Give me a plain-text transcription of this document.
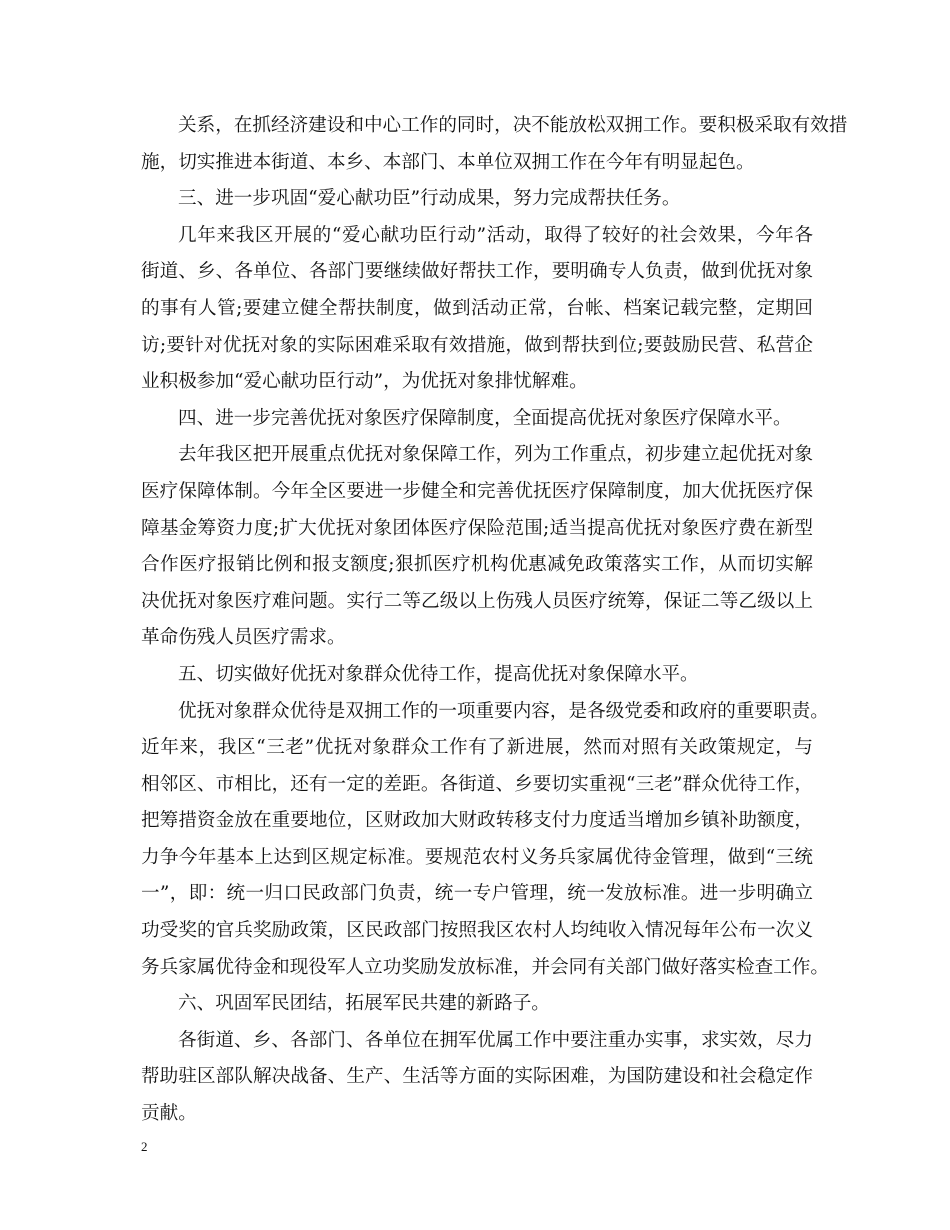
关系，在抓经济建设和中心工作的同时，决不能放松双拥工作。要积极采取有效措
施，切实推进本街道、本乡、本部门、本单位双拥工作在今年有明显起色。
三、进一步巩固“爱心献功臣”行动成果，努力完成帮扶任务。
几年来我区开展的“爱心献功臣行动”活动，取得了较好的社会效果，今年各
街道、乡、各单位、各部门要继续做好帮扶工作，要明确专人负责，做到优抚对象
的事有人管;要建立健全帮扶制度，做到活动正常，台帐、档案记载完整，定期回
访;要针对优抚对象的实际困难采取有效措施，做到帮扶到位;要鼓励民营、私营企
业积极参加“爱心献功臣行动”，为优抚对象排忧解难。
四、进一步完善优抚对象医疗保障制度，全面提高优抚对象医疗保障水平。
去年我区把开展重点优抚对象保障工作，列为工作重点，初步建立起优抚对象
医疗保障体制。今年全区要进一步健全和完善优抚医疗保障制度，加大优抚医疗保
障基金筹资力度;扩大优抚对象团体医疗保险范围;适当提高优抚对象医疗费在新型
合作医疗报销比例和报支额度;狠抓医疗机构优惠减免政策落实工作，从而切实解
决优抚对象医疗难问题。实行二等乙级以上伤残人员医疗统筹，保证二等乙级以上
革命伤残人员医疗需求。
五、切实做好优抚对象群众优待工作，提高优抚对象保障水平。
优抚对象群众优待是双拥工作的一项重要内容，是各级党委和政府的重要职责。
近年来，我区“三老”优抚对象群众工作有了新进展，然而对照有关政策规定，与
相邻区、市相比，还有一定的差距。各街道、乡要切实重视“三老”群众优待工作，
把筹措资金放在重要地位，区财政加大财政转移支付力度适当增加乡镇补助额度，
力争今年基本上达到区规定标准。要规范农村义务兵家属优待金管理，做到“三统
一”，即：统一归口民政部门负责，统一专户管理，统一发放标准。进一步明确立
功受奖的官兵奖励政策，区民政部门按照我区农村人均纯收入情况每年公布一次义
务兵家属优待金和现役军人立功奖励发放标准，并会同有关部门做好落实检查工作。
六、巩固军民团结，拓展军民共建的新路子。
各街道、乡、各部门、各单位在拥军优属工作中要注重办实事，求实效，尽力
帮助驻区部队解决战备、生产、生活等方面的实际困难，为国防建设和社会稳定作
贡献。
2
